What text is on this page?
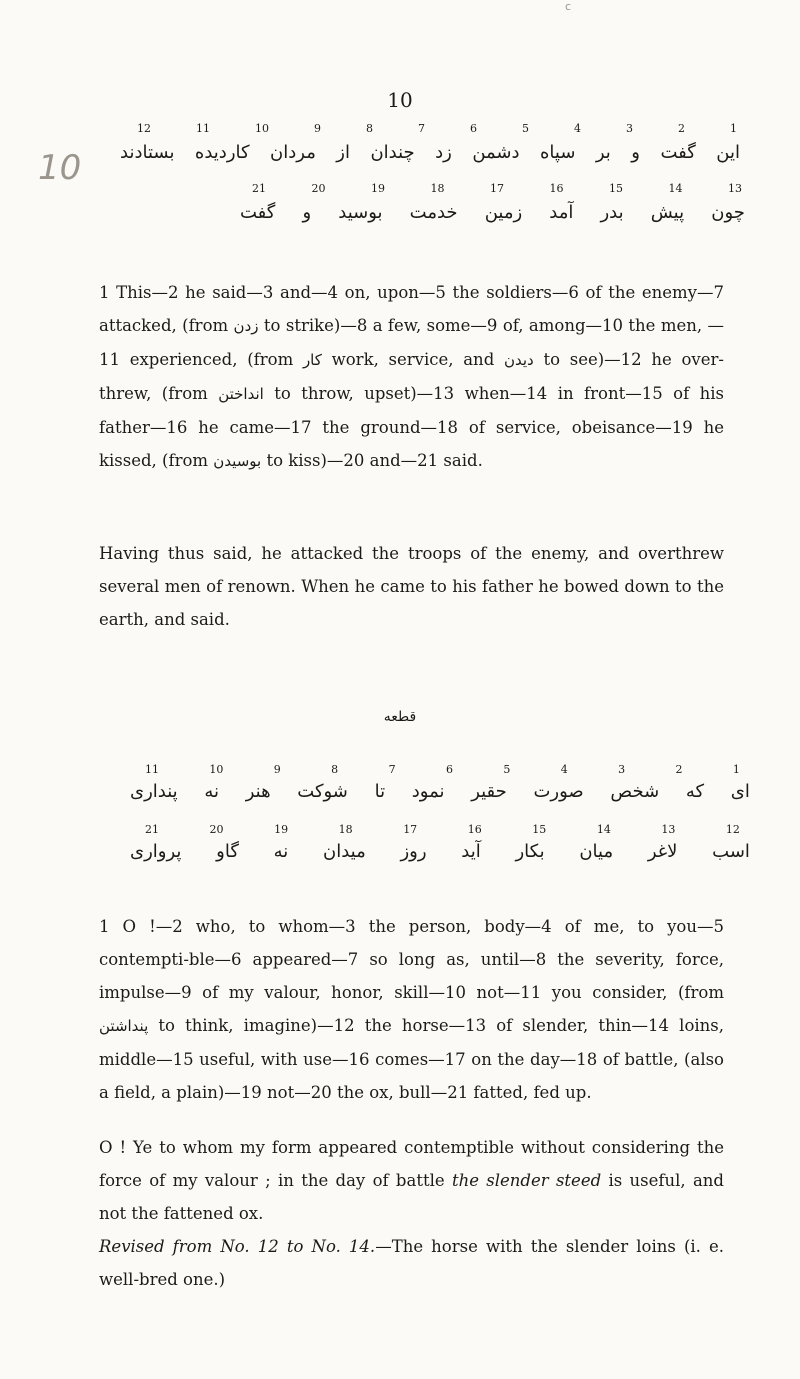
c
10
10
12	11	10	9	8	7	6	5	4	3	2	1
بستادند کارديده مردان از چندان زد دشمن سپاه بر و گفت این
21	20	19	18	17	16	15	14	13
گفت و بوسید خدمت زمین آمد بدر پیش چون
1 This—2 he said—3 and—4 on, upon—5 the soldiers—6 of the enemy—7 attacked, (from زدن to strike)—8 a few, some—9 of, among—10 the men, —11 experienced, (from کار work, service, and دیدن to see)—12 he over-threw, (from انداختن to throw, upset)—13 when—14 in front—15 of his father—16 he came—17 the ground—18 of service, obeisance—19 he kissed, (from بوسیدن to kiss)—20 and—21 said.
Having thus said, he attacked the troops of the enemy, and overthrew several men of renown. When he came to his father he bowed down to the earth, and said.
قطعه
11	10	9	8	7	6	5	4	3	2	1
پنداری نه هنر شوکت تا نمود حقیر صورت شخص که ای
21	20	19	18	17	16	15	14	13	12
پرواری گاو نه میدان روز آید بکار میان لاغر اسب
1 O !—2 who, to whom—3 the person, body—4 of me, to you—5 contempti-ble—6 appeared—7 so long as, until—8 the severity, force, impulse—9 of my valour, honor, skill—10 not—11 you consider, (from پنداشتن to think, imagine)—12 the horse—13 of slender, thin—14 loins, middle—15 useful, with use—16 comes—17 on the day—18 of battle, (also a field, a plain)—19 not—20 the ox, bull—21 fatted, fed up.
O ! Ye to whom my form appeared contemptible without considering the force of my valour ; in the day of battle the slender steed is useful, and not the fattened ox.
Revised from No. 12 to No. 14.—The horse with the slender loins (i. e. well-bred one.)
